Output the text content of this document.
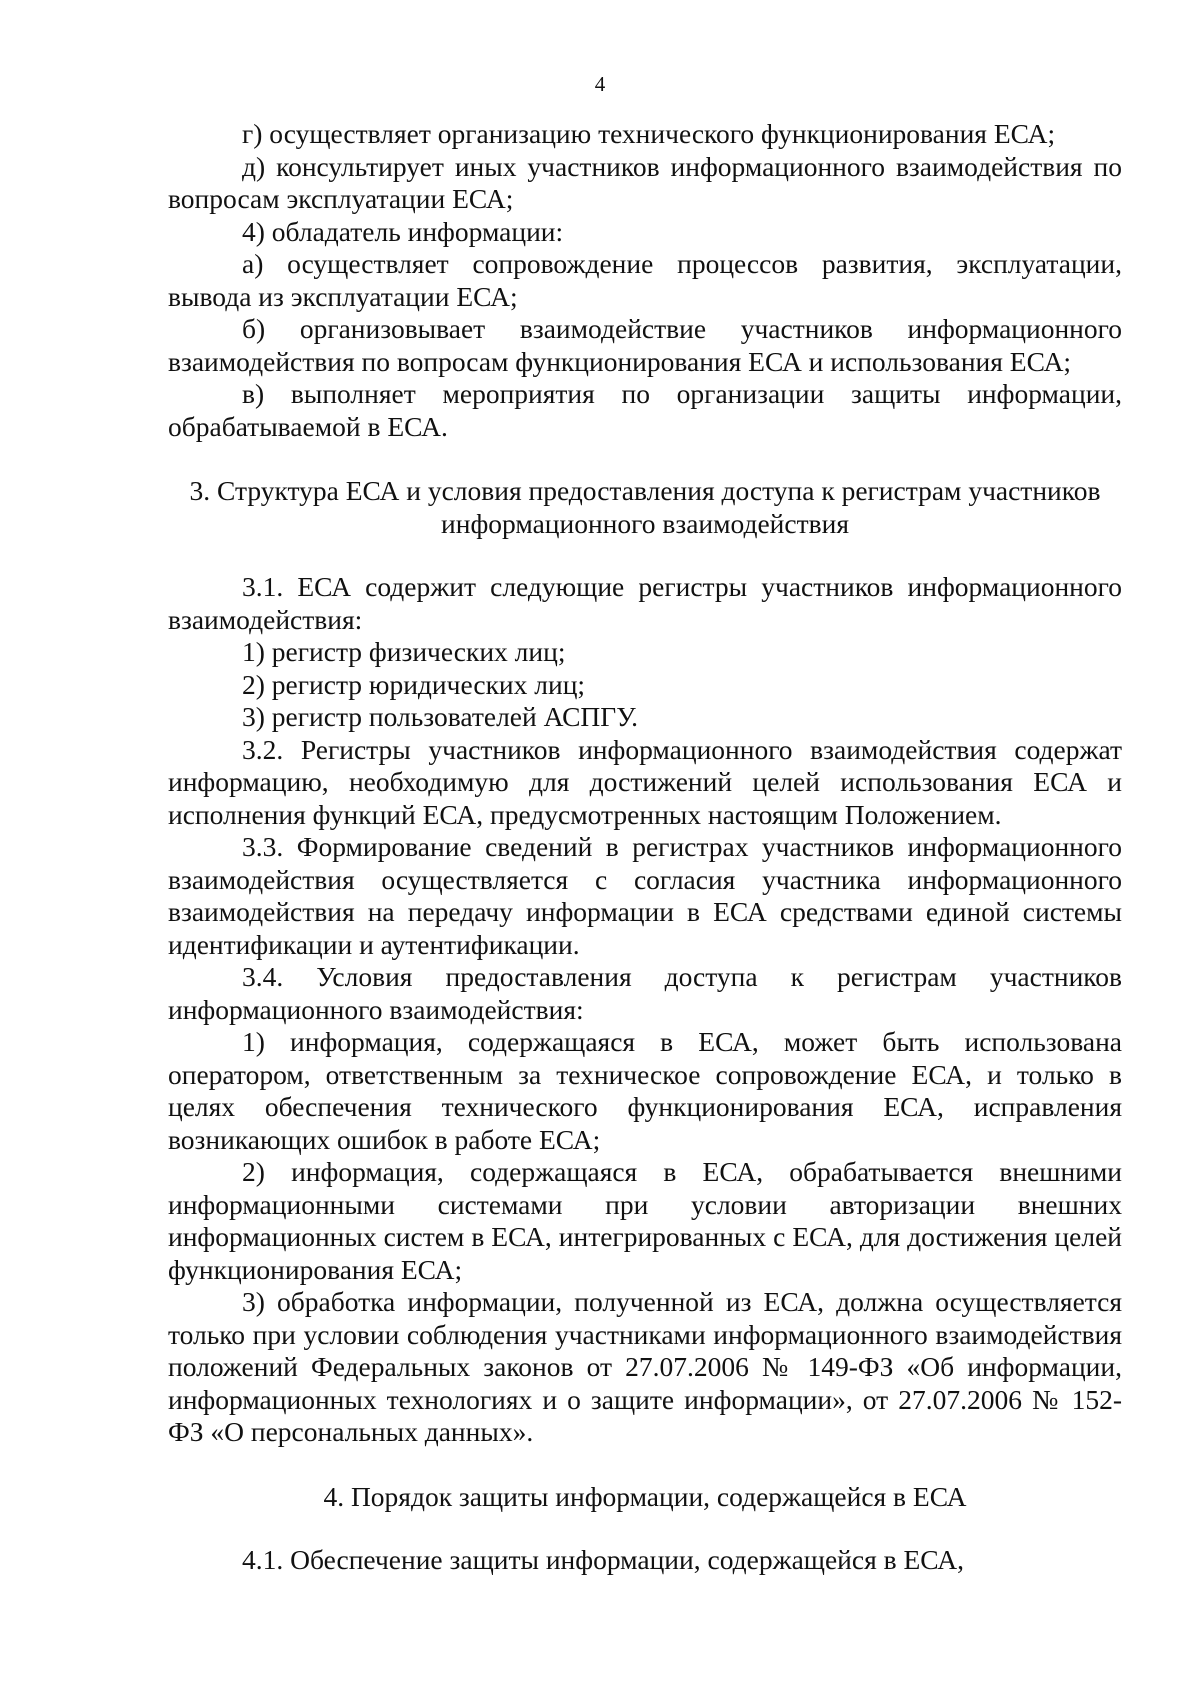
4

г) осуществляет организацию технического функционирования ЕСА;

д) консультирует иных участников информационного взаимодействия по вопросам эксплуатации ЕСА;

4) обладатель информации:

а) осуществляет сопровождение процессов развития, эксплуатации, вывода из эксплуатации ЕСА;

б) организовывает взаимодействие участников информационного взаимодействия по вопросам функционирования ЕСА и использования ЕСА;

в) выполняет мероприятия по организации защиты информации, обрабатываемой в ЕСА.

3. Структура ЕСА и условия предоставления доступа к регистрам участников информационного взаимодействия

3.1. ЕСА содержит следующие регистры участников информационного взаимодействия:

1) регистр физических лиц;

2) регистр юридических лиц;

3) регистр пользователей АСПГУ.

3.2. Регистры участников информационного взаимодействия содержат информацию, необходимую для достижений целей использования ЕСА и исполнения функций ЕСА, предусмотренных настоящим Положением.

3.3. Формирование сведений в регистрах участников информационного взаимодействия осуществляется с согласия участника информационного взаимодействия на передачу информации в ЕСА средствами единой системы идентификации и аутентификации.

3.4. Условия предоставления доступа к регистрам участников информационного взаимодействия:

1) информация, содержащаяся в ЕСА, может быть использована оператором, ответственным за техническое сопровождение ЕСА, и только в целях обеспечения технического функционирования ЕСА, исправления возникающих ошибок в работе ЕСА;

2) информация, содержащаяся в ЕСА, обрабатывается внешними информационными системами при условии авторизации внешних информационных систем в ЕСА, интегрированных с ЕСА, для достижения целей функционирования ЕСА;

3) обработка информации, полученной из ЕСА, должна осуществляется только при условии соблюдения участниками информационного взаимодействия положений Федеральных законов от 27.07.2006 № 149-ФЗ «Об информации, информационных технологиях и о защите информации», от 27.07.2006 № 152-ФЗ «О персональных данных».

4. Порядок защиты информации, содержащейся в ЕСА

4.1. Обеспечение защиты информации, содержащейся в ЕСА,
